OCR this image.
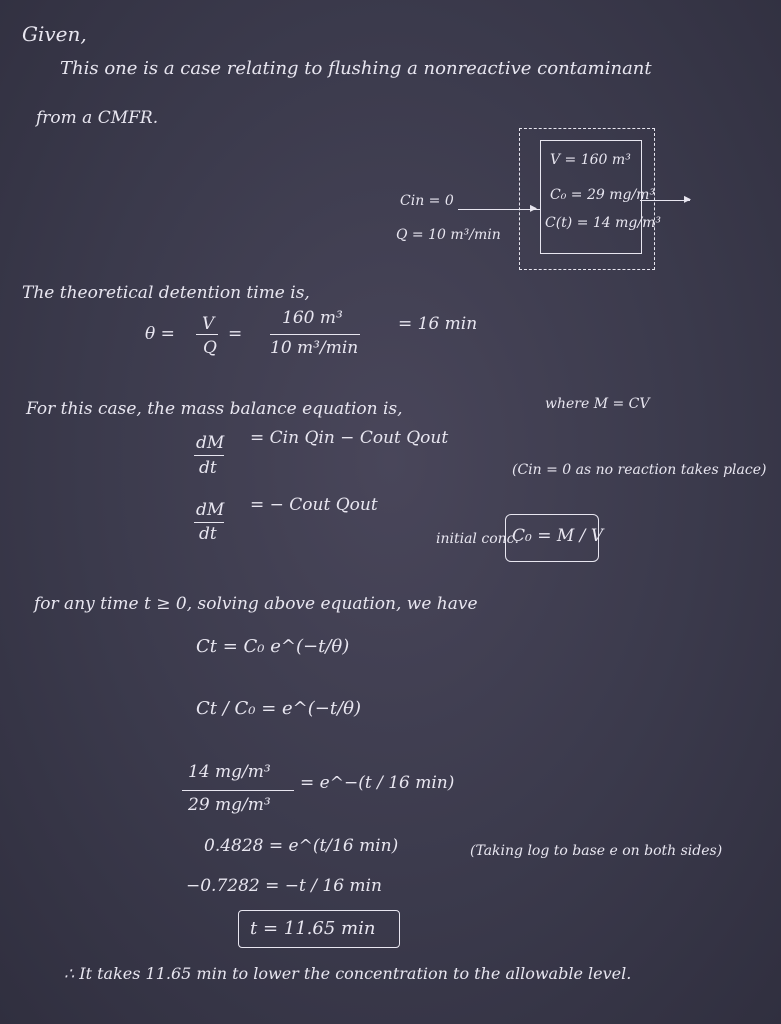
Given,
This one is a case relating to flushing a nonreactive contaminant
from a CMFR.
V = 160 m³
C₀ = 29 mg/m³
C(t) = 14 mg/m³
Cin = 0
Q = 10 m³/min
▸
▸
The theoretical detention time is,
θ = V
Q
=
160 m³
10 m³/min
= 16 min
For this case, the mass balance equation is,	where M = CV
dM
dt
= Cin Qin − Cout Qout
(Cin = 0 as no reaction takes place)
dM
dt
= − Cout Qout
initial conc.
C₀ = M / V
for any time t ≥ 0, solving above equation, we have
Ct = C₀ e^(−t/θ)
Ct / C₀ = e^(−t/θ)
14 mg/m³
29 mg/m³
= e^−(t / 16 min)
0.4828 = e^(t/16 min)	(Taking log to base e on both sides)
−0.7282 = −t / 16 min
t = 11.65 min
∴ It takes 11.65 min to lower the concentration to the allowable level.
